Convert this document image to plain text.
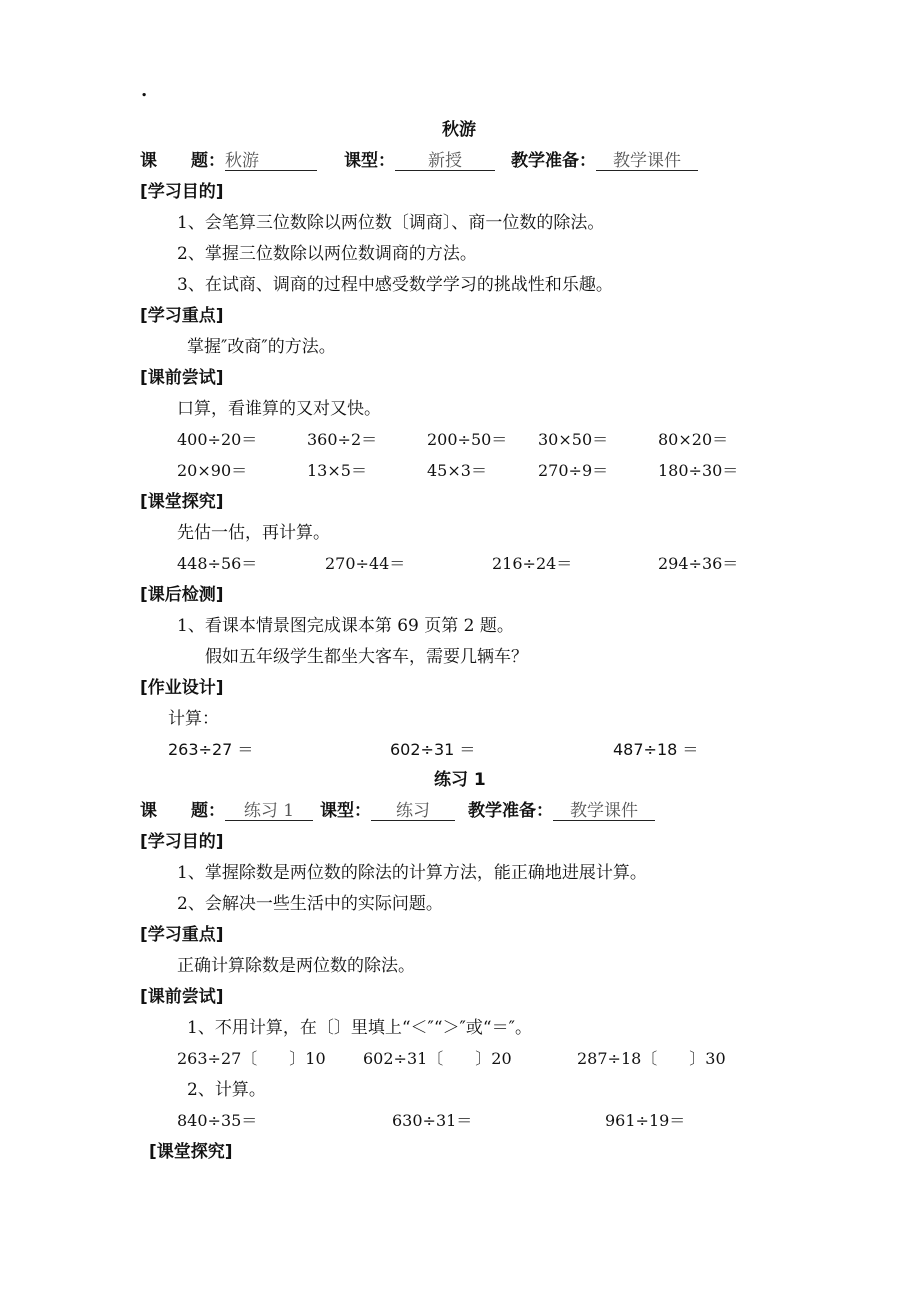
.
秋游
课　　题：秋游	课型： 新授	教学准备： 教学课件
[学习目的]
1、会笔算三位数除以两位数〔调商〕、商一位数的除法。
2、掌握三位数除以两位数调商的方法。
3、在试商、调商的过程中感受数学学习的挑战性和乐趣。
[学习重点]
掌握″改商″的方法。
[课前尝试]
口算，看谁算的又对又快。
400÷20＝	360÷2＝	200÷50＝ 30×50＝	80×20＝
20×90＝	13×5＝	45×3＝	270÷9＝	180÷30＝
[课堂探究]
先估一估，再计算。
448÷56＝	270÷44＝	216÷24＝	294÷36＝
[课后检测]
1、看课本情景图完成课本第 69 页第 2 题。
假如五年级学生都坐大客车，需要几辆车？
[作业设计]
计算：
263÷27 ＝	602÷31 ＝	487÷18 ＝
练习 1
课　　题： 练习 1	课型： 练习	教学准备： 教学课件
[学习目的]
1、掌握除数是两位数的除法的计算方法，能正确地进展计算。
2、会解决一些生活中的实际问题。
[学习重点]
正确计算除数是两位数的除法。
[课前尝试]
1、不用计算，在〔〕里填上“＜″“＞″或“＝″。
263÷27〔　　〕10 602÷31〔　　〕20	287÷18〔　　〕30
2、计算。
840÷35＝	630÷31＝	961÷19＝
[课堂探究]
